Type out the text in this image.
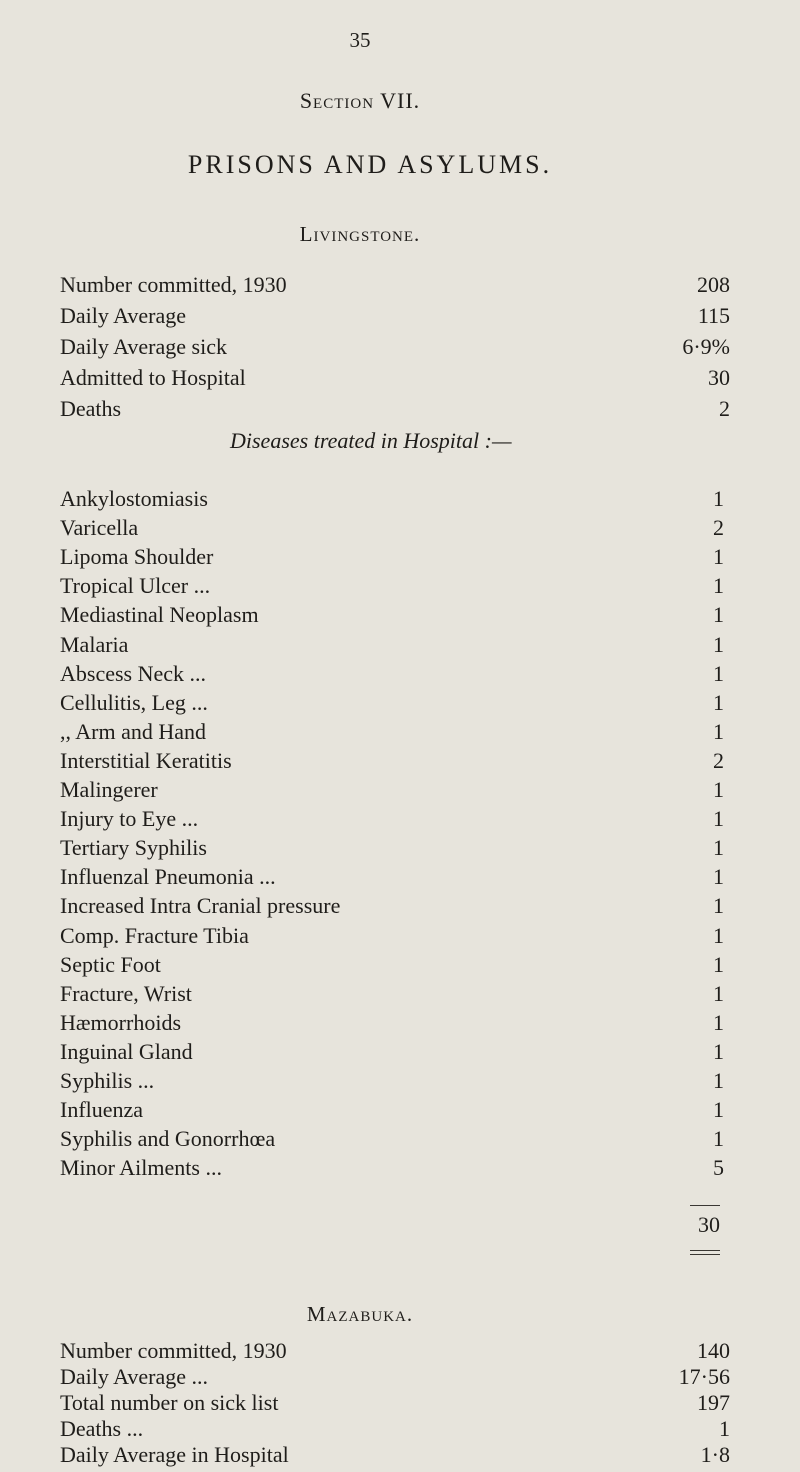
35
Section VII.
PRISONS AND ASYLUMS.
Livingstone.
Number committed, 1930	208
Daily Average	115
Daily Average sick	6·9%
Admitted to Hospital	30
Deaths	2
Diseases treated in Hospital :—
Ankylostomiasis	1
Varicella	2
Lipoma Shoulder	1
Tropical Ulcer ...	1
Mediastinal Neoplasm	1
Malaria	1
Abscess Neck ...	1
Cellulitis, Leg ...	1
,, Arm and Hand	1
Interstitial Keratitis	2
Malingerer	1
Injury to Eye ...	1
Tertiary Syphilis	1
Influenzal Pneumonia ...	1
Increased Intra Cranial pressure	1
Comp. Fracture Tibia	1
Septic Foot	1
Fracture, Wrist	1
Hæmorrhoids	1
Inguinal Gland	1
Syphilis ...	1
Influenza	1
Syphilis and Gonorrhœa	1
Minor Ailments ...	5
30
Mazabuka.
Number committed, 1930	140
Daily Average ...	17·56
Total number on sick list	197
Deaths ...	1
Daily Average in Hospital	1·8
